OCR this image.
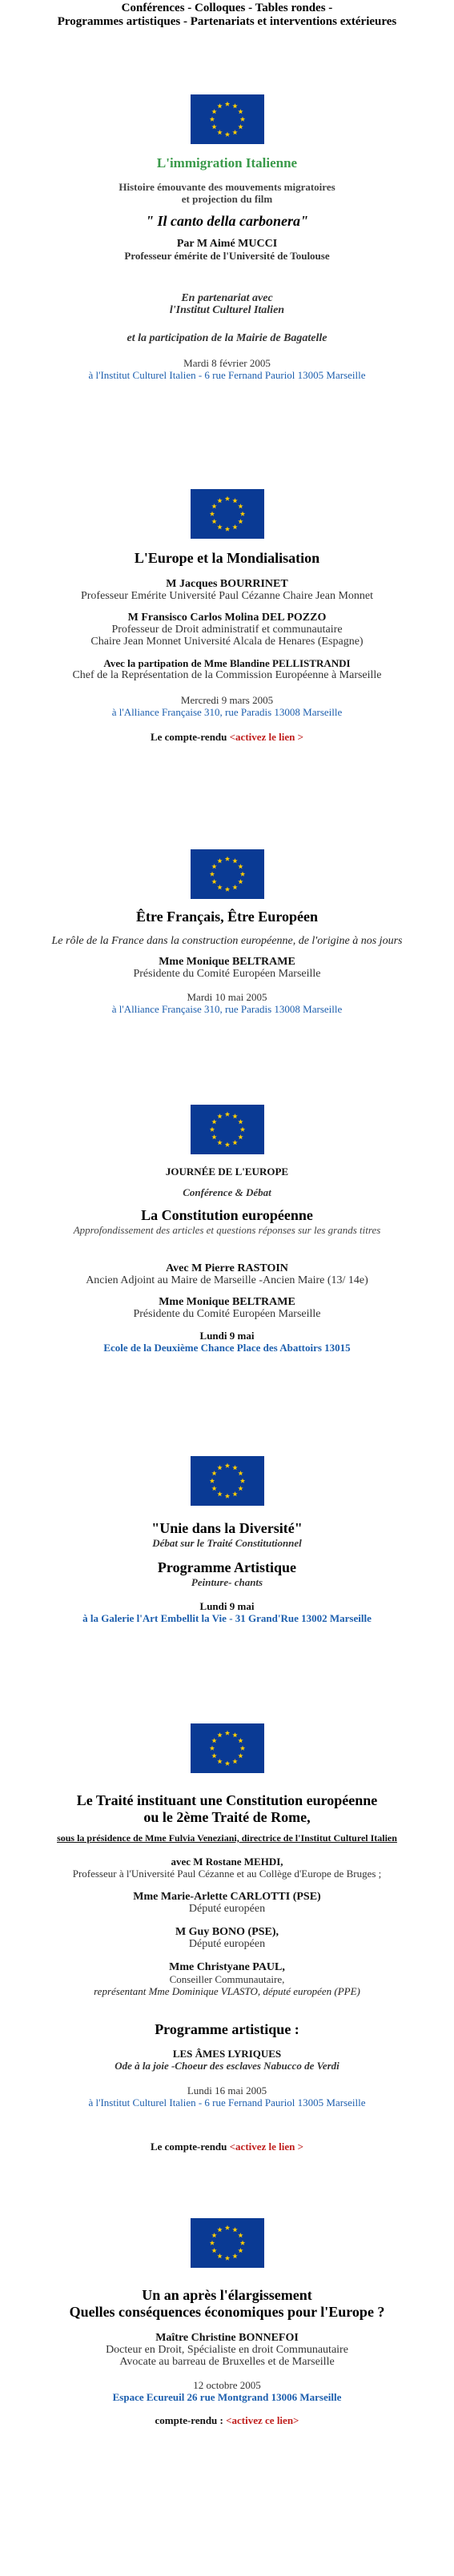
Conférences - Colloques - Tables rondes -

Programmes artistiques - Partenariats et interventions extérieures

L'immigration Italienne

Histoire émouvante des mouvements migratoires

et projection du film

" Il canto della carbonera"

Par M Aimé MUCCI

Professeur émérite de l'Université de Toulouse

En partenariat avec

l'Institut Culturel Italien

et la participation de la Mairie de Bagatelle

Mardi 8 février 2005

à l'Institut Culturel Italien - 6 rue Fernand Pauriol 13005 Marseille

L'Europe et la Mondialisation

M Jacques BOURRINET

Professeur Emérite Université Paul Cézanne Chaire Jean Monnet

M Fransisco Carlos Molina DEL POZZO

Professeur de Droit administratif et communautaire

Chaire Jean Monnet Université Alcala de Henares (Espagne)

Avec la partipation de Mme Blandine PELLISTRANDI

Chef de la Représentation de la Commission Européenne à Marseille

Mercredi 9 mars 2005

à l'Alliance Française 310, rue Paradis 13008 Marseille

Le compte-rendu <activez le lien >

Être Français, Être Européen

Le rôle de la France dans la construction européenne, de l'origine à nos jours

Mme Monique BELTRAME

Présidente du Comité Européen Marseille

Mardi 10 mai 2005

à l'Alliance Française 310, rue Paradis 13008 Marseille

JOURNÉE DE L'EUROPE

Conférence & Débat

La Constitution européenne

Approfondissement des articles et questions réponses sur les grands titres

Avec M Pierre RASTOIN

Ancien Adjoint au Maire de Marseille -Ancien Maire (13/ 14e)

Mme Monique BELTRAME

Présidente du Comité Européen Marseille

Lundi 9 mai

Ecole de la Deuxième Chance Place des Abattoirs 13015

"Unie dans la Diversité"

Débat sur le Traité Constitutionnel

Programme Artistique

Peinture- chants

Lundi 9 mai

à la Galerie l'Art Embellit la Vie - 31 Grand'Rue 13002 Marseille

Le Traité instituant une Constitution européenne

ou le 2ème Traité de Rome,

sous la présidence de Mme Fulvia Veneziani, directrice de l'Institut Culturel Italien

avec M Rostane MEHDI,

Professeur à l'Université Paul Cézanne et au Collège d'Europe de Bruges ;

Mme Marie-Arlette CARLOTTI (PSE)

Député européen

M Guy BONO (PSE),

Député européen

Mme Christyane PAUL,

Conseiller Communautaire,

représentant Mme Dominique VLASTO, député européen (PPE)

Programme artistique :

LES ÂMES LYRIQUES

Ode à la joie -Choeur des esclaves Nabucco de Verdi

Lundi 16 mai 2005

à l'Institut Culturel Italien - 6 rue Fernand Pauriol 13005 Marseille

Le compte-rendu <activez le lien >

Un an après l'élargissement

Quelles conséquences économiques pour l'Europe ?

Maître Christine BONNEFOI

Docteur en Droit, Spécialiste en droit Communautaire

Avocate au barreau de Bruxelles et de Marseille

12 octobre 2005

Espace Ecureuil 26 rue Montgrand 13006 Marseille

compte-rendu : <activez ce lien>
